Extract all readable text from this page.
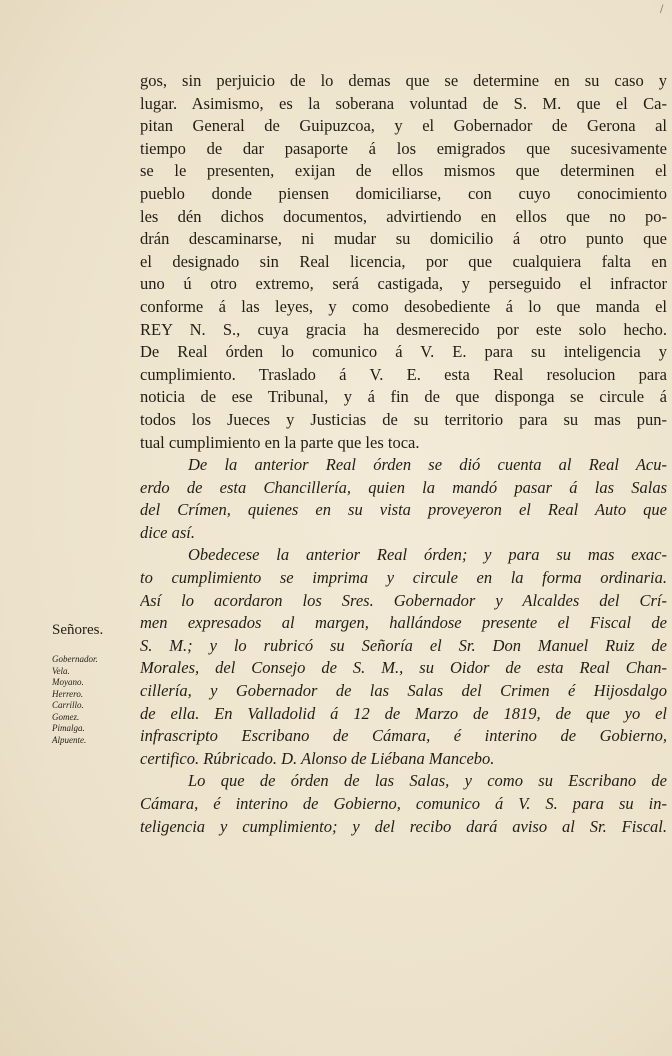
/
Señores.
Gobernador.
Vela.
Moyano.
Herrero.
Carrillo.
Gomez.
Pimalga.
Alpuente.
gos, sin perjuicio de lo demas que se determine en su caso y
lugar. Asimismo, es la soberana voluntad de S. M. que el Ca-
pitan General de Guipuzcoa, y el Gobernador de Gerona al
tiempo de dar pasaporte á los emigrados que sucesivamente
se le presenten, exijan de ellos mismos que determinen el
pueblo donde piensen domiciliarse, con cuyo conocimiento
les dén dichos documentos, advirtiendo en ellos que no po-
drán descaminarse, ni mudar su domicilio á otro punto que
el designado sin Real licencia, por que cualquiera falta en
uno ú otro extremo, será castigada, y perseguido el infractor
conforme á las leyes, y como desobediente á lo que manda el
REY N. S., cuya gracia ha desmerecido por este solo hecho.
De Real órden lo comunico á V. E. para su inteligencia y
cumplimiento. Traslado á V. E. esta Real resolucion para
noticia de ese Tribunal, y á fin de que disponga se circule á
todos los Jueces y Justicias de su territorio para su mas pun-
tual cumplimiento en la parte que les toca.
De la anterior Real órden se dió cuenta al Real Acu-
erdo de esta Chancillería, quien la mandó pasar á las Salas
del Crímen, quienes en su vista proveyeron el Real Auto que
dice así.
Obedecese la anterior Real órden; y para su mas exac-
to cumplimiento se imprima y circule en la forma ordinaria.
Así lo acordaron los Sres. Gobernador y Alcaldes del Crí-
men expresados al margen, hallándose presente el Fiscal de
S. M.; y lo rubricó su Señoría el Sr. Don Manuel Ruiz de
Morales, del Consejo de S. M., su Oidor de esta Real Chan-
cillería, y Gobernador de las Salas del Crimen é Hijosdalgo
de ella. En Valladolid á 12 de Marzo de 1819, de que yo el
infrascripto Escribano de Cámara, é interino de Gobierno,
certifico. Rúbricado. D. Alonso de Liébana Mancebo.
Lo que de órden de las Salas, y como su Escribano de
Cámara, é interino de Gobierno, comunico á V. S. para su in-
teligencia y cumplimiento; y del recibo dará aviso al Sr. Fiscal.
